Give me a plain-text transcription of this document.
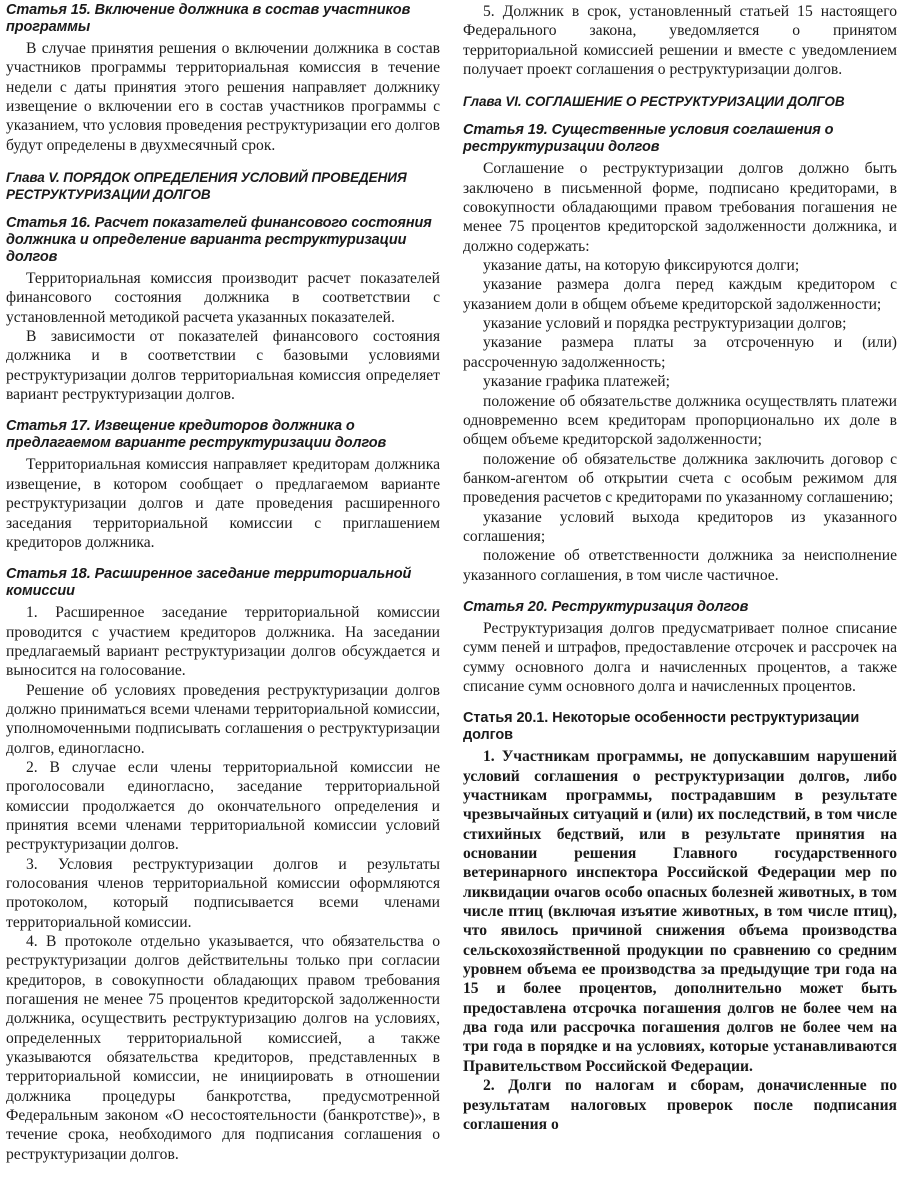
Статья 15. Включение должника в состав участников программы

В случае принятия решения о включении должника в состав участников программы территориальная комиссия в течение недели с даты принятия этого решения направляет должнику извещение о включении его в состав участников программы с указанием, что условия проведения реструктуризации его долгов будут определены в двухмесячный срок.

Глава V. ПОРЯДОК ОПРЕДЕЛЕНИЯ УСЛОВИЙ ПРОВЕДЕНИЯ РЕСТРУКТУРИЗАЦИИ ДОЛГОВ
Статья 16. Расчет показателей финансового состояния должника и определение варианта реструктуризации долгов

Территориальная комиссия производит расчет показателей финансового состояния должника в соответствии с установленной методикой расчета указанных показателей.

В зависимости от показателей финансового состояния должника и в соответствии с базовыми условиями реструктуризации долгов территориальная комиссия определяет вариант реструктуризации долгов.

Статья 17. Извещение кредиторов должника о предлагаемом варианте реструктуризации долгов

Территориальная комиссия направляет кредиторам должника извещение, в котором сообщает о предлагаемом варианте реструктуризации долгов и дате проведения расширенного заседания территориальной комиссии с приглашением кредиторов должника.

Статья 18. Расширенное заседание территориальной комиссии

1. Расширенное заседание территориальной комиссии проводится с участием кредиторов должника. На заседании предлагаемый вариант реструктуризации долгов обсуждается и выносится на голосование.

Решение об условиях проведения реструктуризации долгов должно приниматься всеми членами территориальной комиссии, уполномоченными подписывать соглашения о реструктуризации долгов, единогласно.

2. В случае если члены территориальной комиссии не проголосовали единогласно, заседание территориальной комиссии продолжается до окончательного определения и принятия всеми членами территориальной комиссии условий реструктуризации долгов.

3. Условия реструктуризации долгов и результаты голосования членов территориальной комиссии оформляются протоколом, который подписывается всеми членами территориальной комиссии.

4. В протоколе отдельно указывается, что обязательства о реструктуризации долгов действительны только при согласии кредиторов, в совокупности обладающих правом требования погашения не менее 75 процентов кредиторской задолженности должника, осуществить реструктуризацию долгов на условиях, определенных территориальной комиссией, а также указываются обязательства кредиторов, представленных в территориальной комиссии, не инициировать в отношении должника процедуры банкротства, предусмотренной Федеральным законом «О несостоятельности (банкротстве)», в течение срока, необходимого для подписания соглашения о реструктуризации долгов.

5. Должник в срок, установленный статьей 15 настоящего Федерального закона, уведомляется о принятом территориальной комиссией решении и вместе с уведомлением получает проект соглашения о реструктуризации долгов.

Глава VI. СОГЛАШЕНИЕ О РЕСТРУКТУРИЗАЦИИ ДОЛГОВ
Статья 19. Существенные условия соглашения о реструктуризации долгов

Соглашение о реструктуризации долгов должно быть заключено в письменной форме, подписано кредиторами, в совокупности обладающими правом требования погашения не менее 75 процентов кредиторской задолженности должника, и должно содержать:

указание даты, на которую фиксируются долги;

указание размера долга перед каждым кредитором с указанием доли в общем объеме кредиторской задолженности;

указание условий и порядка реструктуризации долгов;

указание размера платы за отсроченную и (или) рассроченную задолженность;

указание графика платежей;

положение об обязательстве должника осуществлять платежи одновременно всем кредиторам пропорционально их доле в общем объеме кредиторской задолженности;

положение об обязательстве должника заключить договор с банком-агентом об открытии счета с особым режимом для проведения расчетов с кредиторами по указанному соглашению;

указание условий выхода кредиторов из указанного соглашения;

положение об ответственности должника за неисполнение указанного соглашения, в том числе частичное.

Статья 20. Реструктуризация долгов

Реструктуризация долгов предусматривает полное списание сумм пеней и штрафов, предоставление отсрочек и рассрочек на сумму основного долга и начисленных процентов, а также списание сумм основного долга и начисленных процентов.

Статья 20.1. Некоторые особенности реструктуризации долгов

1. Участникам программы, не допускавшим нарушений условий соглашения о реструктуризации долгов, либо участникам программы, пострадавшим в результате чрезвычайных ситуаций и (или) их последствий, в том числе стихийных бедствий, или в результате принятия на основании решения Главного государственного ветеринарного инспектора Российской Федерации мер по ликвидации очагов особо опасных болезней животных, в том числе птиц (включая изъятие животных, в том числе птиц), что явилось причиной снижения объема производства сельскохозяйственной продукции по сравнению со средним уровнем объема ее производства за предыдущие три года на 15 и более процентов, дополнительно может быть предоставлена отсрочка погашения долгов не более чем на два года или рассрочка погашения долгов не более чем на три года в порядке и на условиях, которые устанавливаются Правительством Российской Федерации.

2. Долги по налогам и сборам, доначисленные по результатам налоговых проверок после подписания соглашения о
